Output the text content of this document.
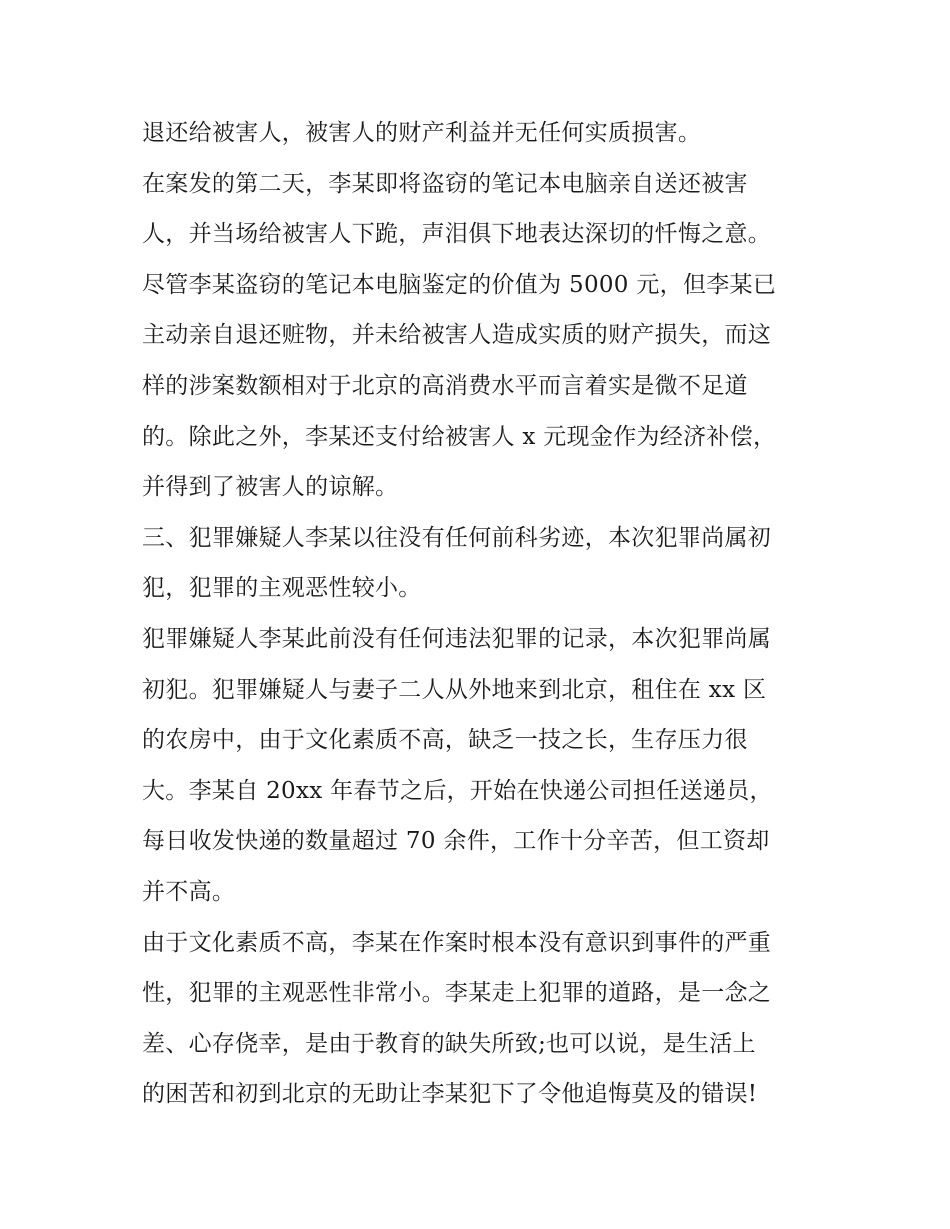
退还给被害人，被害人的财产利益并无任何实质损害。
在案发的第二天，李某即将盗窃的笔记本电脑亲自送还被害
人，并当场给被害人下跪，声泪俱下地表达深切的忏悔之意。
尽管李某盗窃的笔记本电脑鉴定的价值为 5000 元，但李某已
主动亲自退还赃物，并未给被害人造成实质的财产损失，而这
样的涉案数额相对于北京的高消费水平而言着实是微不足道
的。除此之外，李某还支付给被害人 x 元现金作为经济补偿，
并得到了被害人的谅解。
三、犯罪嫌疑人李某以往没有任何前科劣迹，本次犯罪尚属初
犯，犯罪的主观恶性较小。
犯罪嫌疑人李某此前没有任何违法犯罪的记录，本次犯罪尚属
初犯。犯罪嫌疑人与妻子二人从外地来到北京，租住在 xx 区
的农房中，由于文化素质不高，缺乏一技之长，生存压力很
大。李某自 20xx 年春节之后，开始在快递公司担任送递员，
每日收发快递的数量超过 70 余件，工作十分辛苦，但工资却
并不高。
由于文化素质不高，李某在作案时根本没有意识到事件的严重
性，犯罪的主观恶性非常小。李某走上犯罪的道路，是一念之
差、心存侥幸，是由于教育的缺失所致;也可以说，是生活上
的困苦和初到北京的无助让李某犯下了令他追悔莫及的错误!
